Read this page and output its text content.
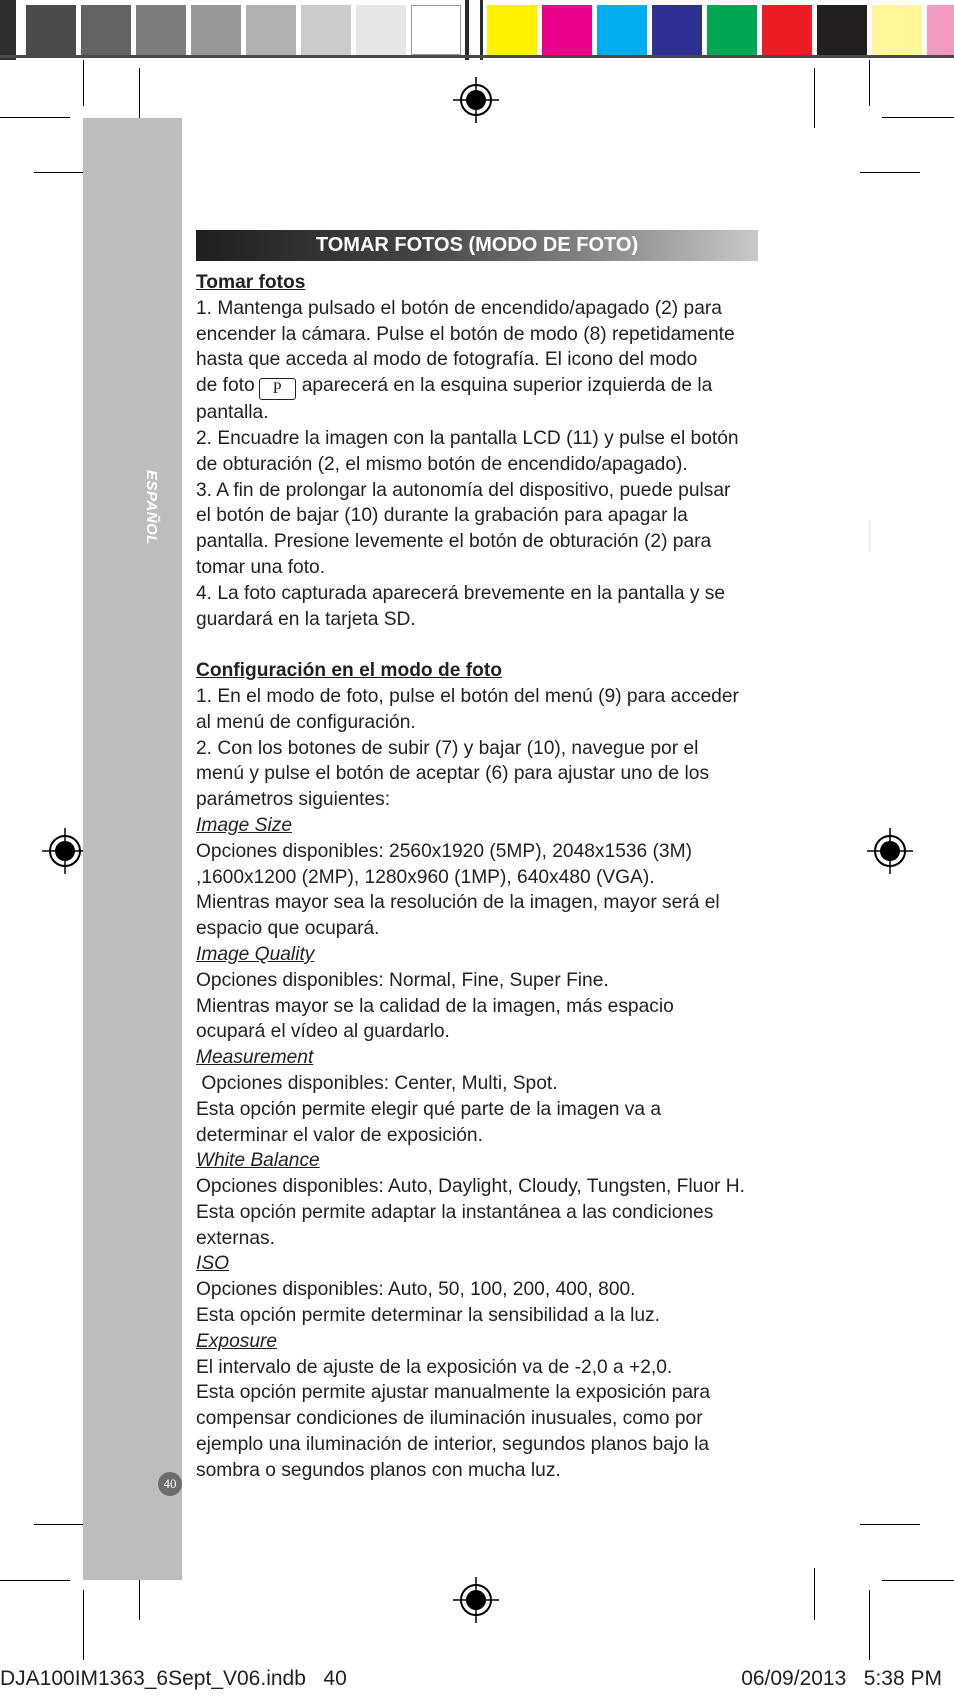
ESPAÑOL
40
TOMAR FOTOS (MODO DE FOTO)

Tomar fotos

1. Mantenga pulsado el botón de encendido/apagado (2) para

encender la cámara. Pulse el botón de modo (8) repetidamente

hasta que acceda al modo de fotografía. El icono del modo

de foto P aparecerá en la esquina superior izquierda de la

pantalla.

2. Encuadre la imagen con la pantalla LCD (11) y pulse el botón

de obturación (2, el mismo botón de encendido/apagado).

3. A fin de prolongar la autonomía del dispositivo, puede pulsar

el botón de bajar (10) durante la grabación para apagar la

pantalla. Presione levemente el botón de obturación (2) para

tomar una foto.

4. La foto capturada aparecerá brevemente en la pantalla y se

guardará en la tarjeta SD.

Configuración en el modo de foto

1. En el modo de foto, pulse el botón del menú (9) para acceder

al menú de configuración.

2. Con los botones de subir (7) y bajar (10), navegue por el

menú y pulse el botón de aceptar (6) para ajustar uno de los

parámetros siguientes:

Image Size

Opciones disponibles: 2560x1920 (5MP), 2048x1536 (3M)

,1600x1200 (2MP), 1280x960 (1MP), 640x480 (VGA).

Mientras mayor sea la resolución de la imagen, mayor será el

espacio que ocupará.

Image Quality

Opciones disponibles: Normal, Fine, Super Fine.

Mientras mayor se la calidad de la imagen, más espacio

ocupará el vídeo al guardarlo.

Measurement

Opciones disponibles: Center, Multi, Spot.

Esta opción permite elegir qué parte de la imagen va a

determinar el valor de exposición.

White Balance

Opciones disponibles: Auto, Daylight, Cloudy, Tungsten, Fluor H.

Esta opción permite adaptar la instantánea a las condiciones

externas.

ISO

Opciones disponibles: Auto, 50, 100, 200, 400, 800.

Esta opción permite determinar la sensibilidad a la luz.

Exposure

El intervalo de ajuste de la exposición va de -2,0 a +2,0.

Esta opción permite ajustar manualmente la exposición para

compensar condiciones de iluminación inusuales, como por

ejemplo una iluminación de interior, segundos planos bajo la

sombra o segundos planos con mucha luz.

DJA100IM1363_6Sept_V06.indb   40	06/09/2013   5:38 PM
